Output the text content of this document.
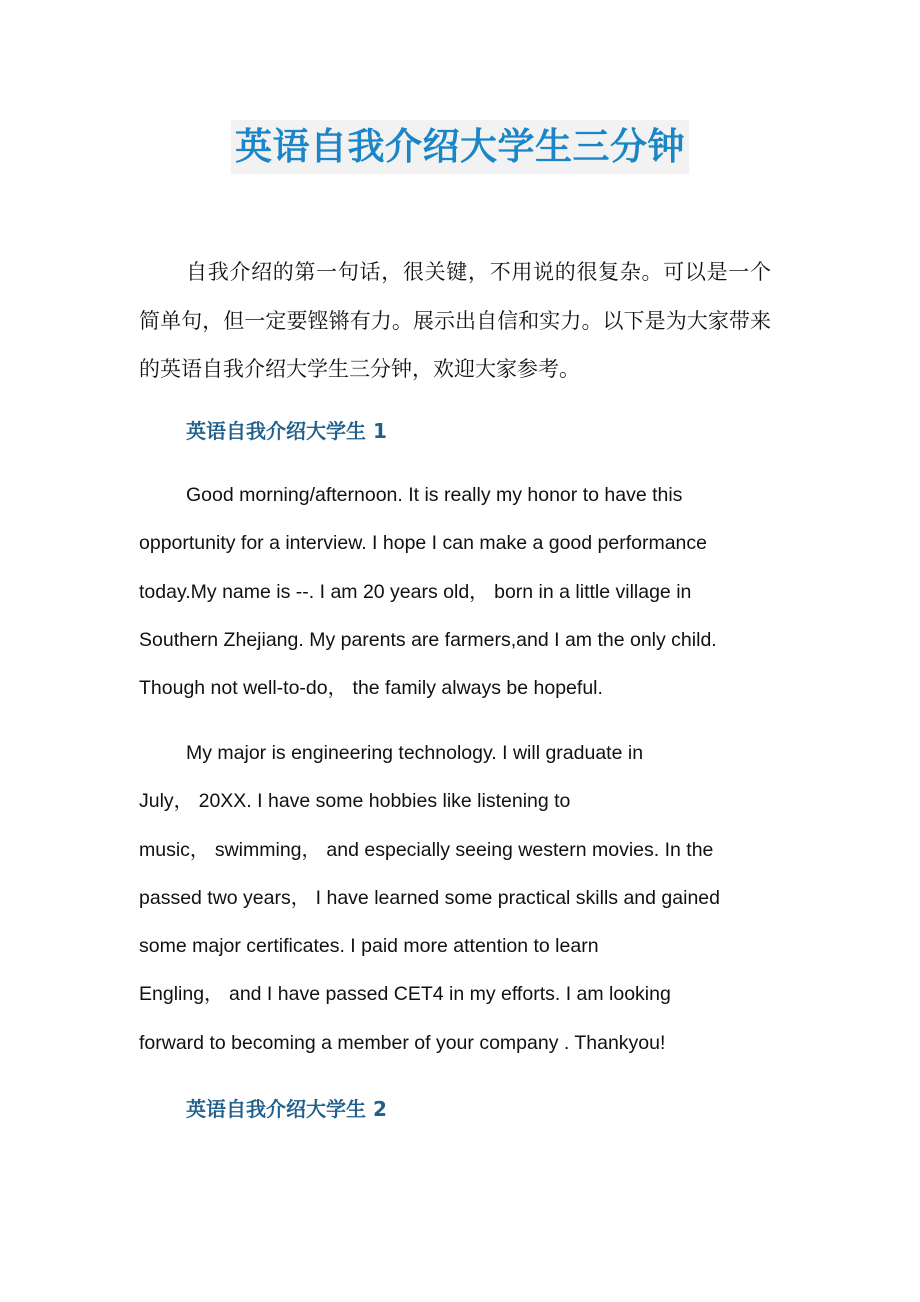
英语自我介绍大学生三分钟

自我介绍的第一句话，很关键，不用说的很复杂。可以是一个简单句，但一定要铿锵有力。展示出自信和实力。以下是为大家带来的英语自我介绍大学生三分钟，欢迎大家参考。

英语自我介绍大学生 1
Good morning/afternoon. It is really my honor to have this
opportunity for a interview. I hope I can make a good performance
today.My name is --. I am 20 years old， born in a little village in
Southern Zhejiang. My parents are farmers,and I am the only child.
Though not well-to-do， the family always be hopeful.
My major is engineering technology. I will graduate in
July， 20XX. I have some hobbies like listening to
music， swimming， and especially seeing western movies. In the
passed two years， I have learned some practical skills and gained
some major certificates. I paid more attention to learn
Engling， and I have passed CET4 in my efforts. I am looking
forward to becoming a member of your company . Thankyou!
英语自我介绍大学生 2
